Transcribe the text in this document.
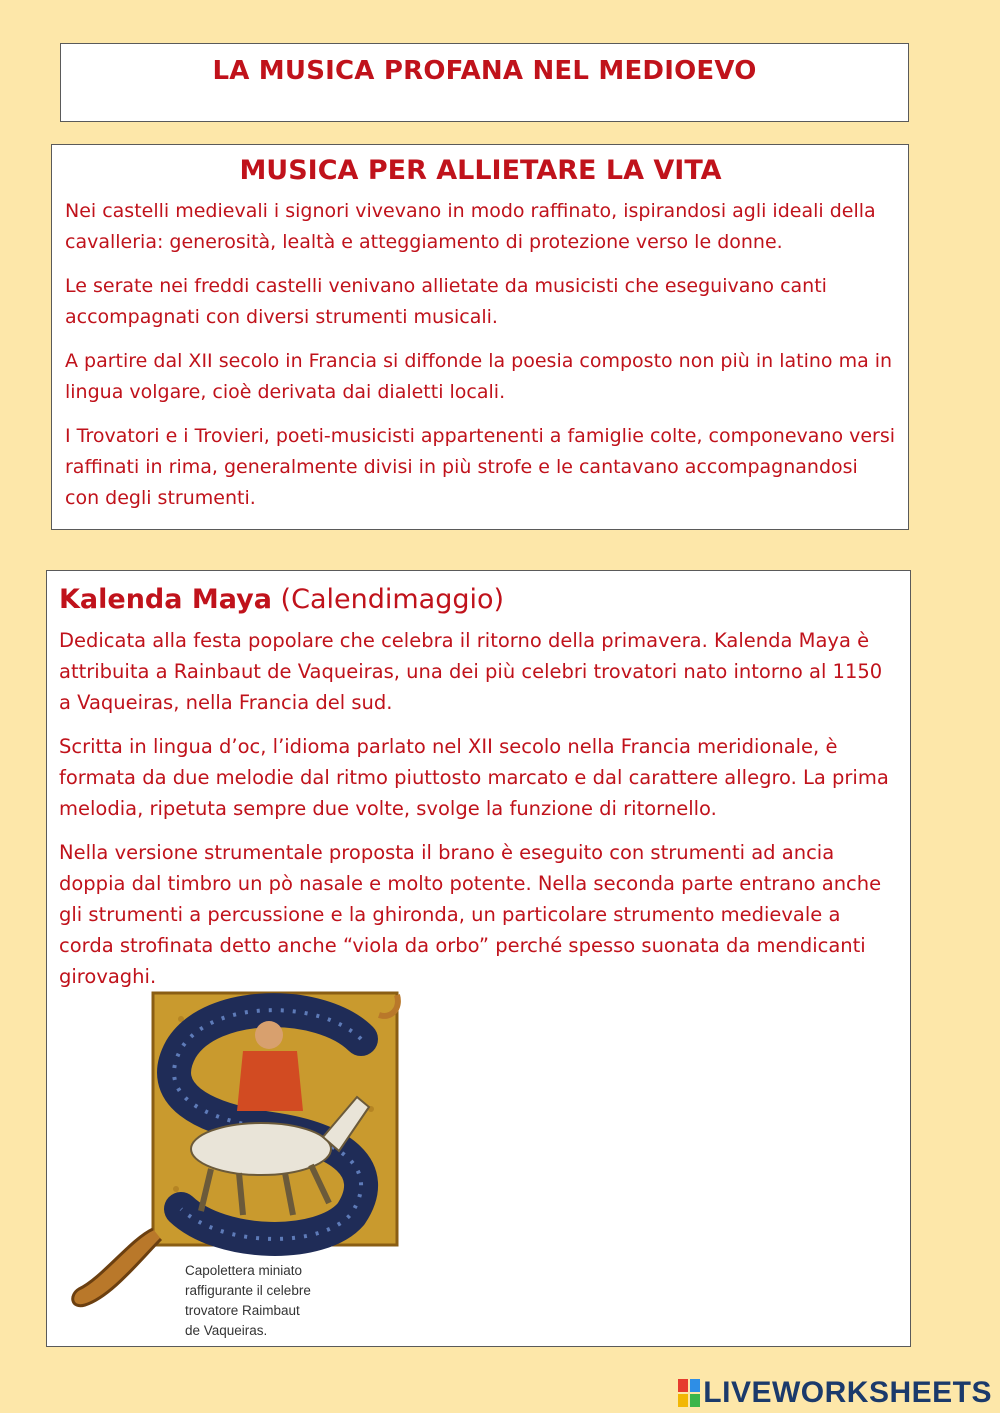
LA MUSICA PROFANA NEL MEDIOEVO
MUSICA PER ALLIETARE LA VITA

Nei castelli medievali i signori vivevano in modo raffinato, ispirandosi agli ideali della cavalleria: generosità, lealtà e atteggiamento di protezione verso le donne.

Le serate nei freddi castelli venivano allietate da musicisti che eseguivano canti accompagnati con diversi strumenti musicali.

A partire dal XII secolo in Francia si diffonde la poesia composto non più in latino ma in lingua volgare, cioè derivata dai dialetti locali.

I Trovatori e i Trovieri, poeti-musicisti appartenenti a famiglie colte, componevano versi raffinati in rima, generalmente divisi in più strofe e le cantavano accompagnandosi con degli strumenti.

Kalenda Maya (Calendimaggio)

Dedicata alla festa popolare che celebra il ritorno della primavera. Kalenda Maya è attribuita a Rainbaut de Vaqueiras, una dei più celebri trovatori nato intorno al 1150 a Vaqueiras, nella Francia del sud.

Scritta in lingua d’oc, l’idioma parlato nel XII secolo nella Francia meridionale, è formata da due melodie dal ritmo piuttosto marcato e dal carattere allegro. La prima melodia, ripetuta sempre due volte, svolge la funzione di ritornello.

Nella versione strumentale proposta il brano è eseguito con strumenti ad ancia doppia dal timbro un pò nasale e molto potente. Nella seconda parte entrano anche gli strumenti a percussione e la ghironda, un particolare strumento medievale a corda strofinata detto anche “viola da orbo” perché spesso suonata da mendicanti girovaghi.

Capolettera miniato
raffigurante il celebre
trovatore Raimbaut
de Vaqueiras.
LIVEWORKSHEETS
